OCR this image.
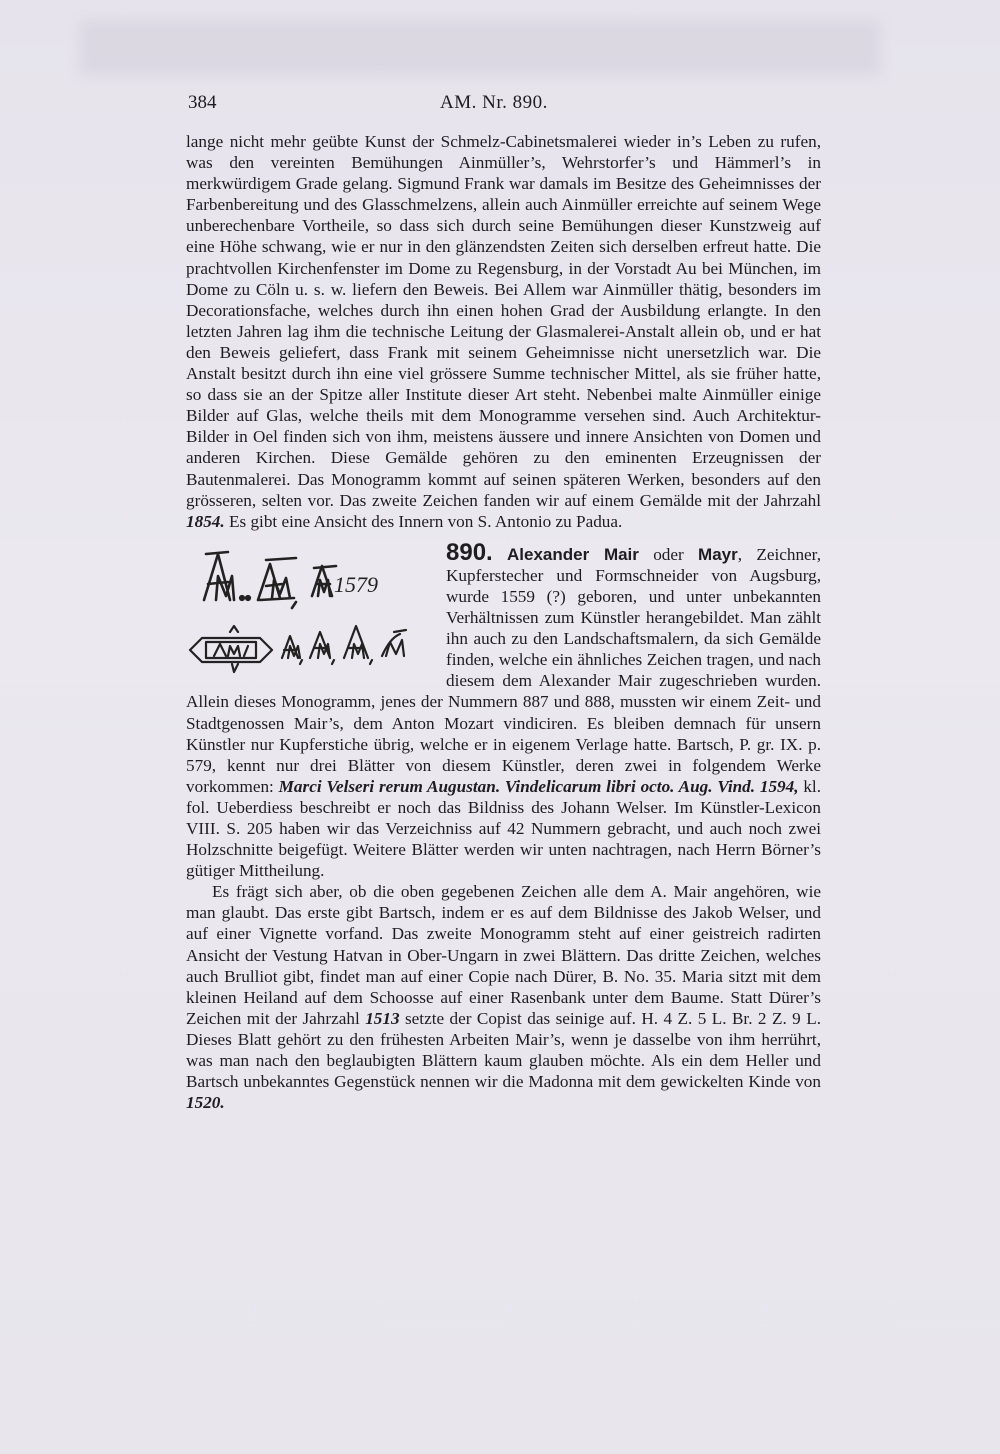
384	AM. Nr. 890.

lange nicht mehr geübte Kunst der Schmelz-Cabinetsmalerei wieder in’s Leben zu rufen, was den vereinten Bemühungen Ainmüller’s, Wehrstorfer’s und Hämmerl’s in merkwürdigem Grade gelang. Sigmund Frank war damals im Besitze des Geheimnisses der Farbenbereitung und des Glasschmelzens, allein auch Ainmüller erreichte auf seinem Wege unberechenbare Vortheile, so dass sich durch seine Bemühungen dieser Kunstzweig auf eine Höhe schwang, wie er nur in den glänzendsten Zeiten sich derselben erfreut hatte. Die prachtvollen Kirchenfenster im Dome zu Regensburg, in der Vorstadt Au bei München, im Dome zu Cöln u. s. w. liefern den Beweis. Bei Allem war Ainmüller thätig, besonders im Decorationsfache, welches durch ihn einen hohen Grad der Ausbildung erlangte. In den letzten Jahren lag ihm die technische Leitung der Glasmalerei-Anstalt allein ob, und er hat den Beweis geliefert, dass Frank mit seinem Geheimnisse nicht unersetzlich war. Die Anstalt besitzt durch ihn eine viel grössere Summe technischer Mittel, als sie früher hatte, so dass sie an der Spitze aller Institute dieser Art steht. Nebenbei malte Ainmüller einige Bilder auf Glas, welche theils mit dem Monogramme versehen sind. Auch Architektur-Bilder in Oel finden sich von ihm, meistens äussere und innere Ansichten von Domen und anderen Kirchen. Diese Gemälde gehören zu den eminenten Erzeugnissen der Bautenmalerei. Das Monogramm kommt auf seinen späteren Werken, besonders auf den grösseren, selten vor. Das zweite Zeichen fanden wir auf einem Gemälde mit der Jahrzahl 1854. Es gibt eine Ansicht des Innern von S. Antonio zu Padua.

890. Alexander Mair oder Mayr
1579
, Zeichner, Kupferstecher und Formschneider von Augsburg, wurde 1559 (?) geboren, und unter unbekannten Verhältnissen zum Künstler herangebildet. Man zählt ihn auch zu den Landschaftsmalern, da sich Gemälde finden, welche ein ähnliches Zeichen tragen, und nach diesem dem Alexander Mair zugeschrieben wurden. Allein dieses Monogramm, jenes der Nummern 887 und 888, mussten wir einem Zeit- und Stadtgenossen Mair’s, dem Anton Mozart vindiciren. Es bleiben demnach für unsern Künstler nur Kupferstiche übrig, welche er in eigenem Verlage hatte. Bartsch, P. gr. IX. p. 579, kennt nur drei Blätter von diesem Künstler, deren zwei in folgendem Werke vorkommen: Marci Velseri rerum Augustan. Vindelicarum libri octo. Aug. Vind. 1594, kl. fol. Ueberdiess beschreibt er noch das Bildniss des Johann Welser. Im Künstler-Lexicon VIII. S. 205 haben wir das Verzeichniss auf 42 Nummern gebracht, und auch noch zwei Holzschnitte beigefügt. Weitere Blätter werden wir unten nachtragen, nach Herrn Börner’s gütiger Mittheilung.

Es frägt sich aber, ob die oben gegebenen Zeichen alle dem A. Mair angehören, wie man glaubt. Das erste gibt Bartsch, indem er es auf dem Bildnisse des Jakob Welser, und auf einer Vignette vorfand. Das zweite Monogramm steht auf einer geistreich radirten Ansicht der Vestung Hatvan in Ober-Ungarn in zwei Blättern. Das dritte Zeichen, welches auch Brulliot gibt, findet man auf einer Copie nach Dürer, B. No. 35. Maria sitzt mit dem kleinen Heiland auf dem Schoosse auf einer Rasenbank unter dem Baume. Statt Dürer’s Zeichen mit der Jahrzahl 1513 setzte der Copist das seinige auf. H. 4 Z. 5 L. Br. 2 Z. 9 L. Dieses Blatt gehört zu den frühesten Arbeiten Mair’s, wenn je dasselbe von ihm herrührt, was man nach den beglaubigten Blättern kaum glauben möchte. Als ein dem Heller und Bartsch unbekanntes Gegenstück nennen wir die Madonna mit dem gewickelten Kinde von 1520.
